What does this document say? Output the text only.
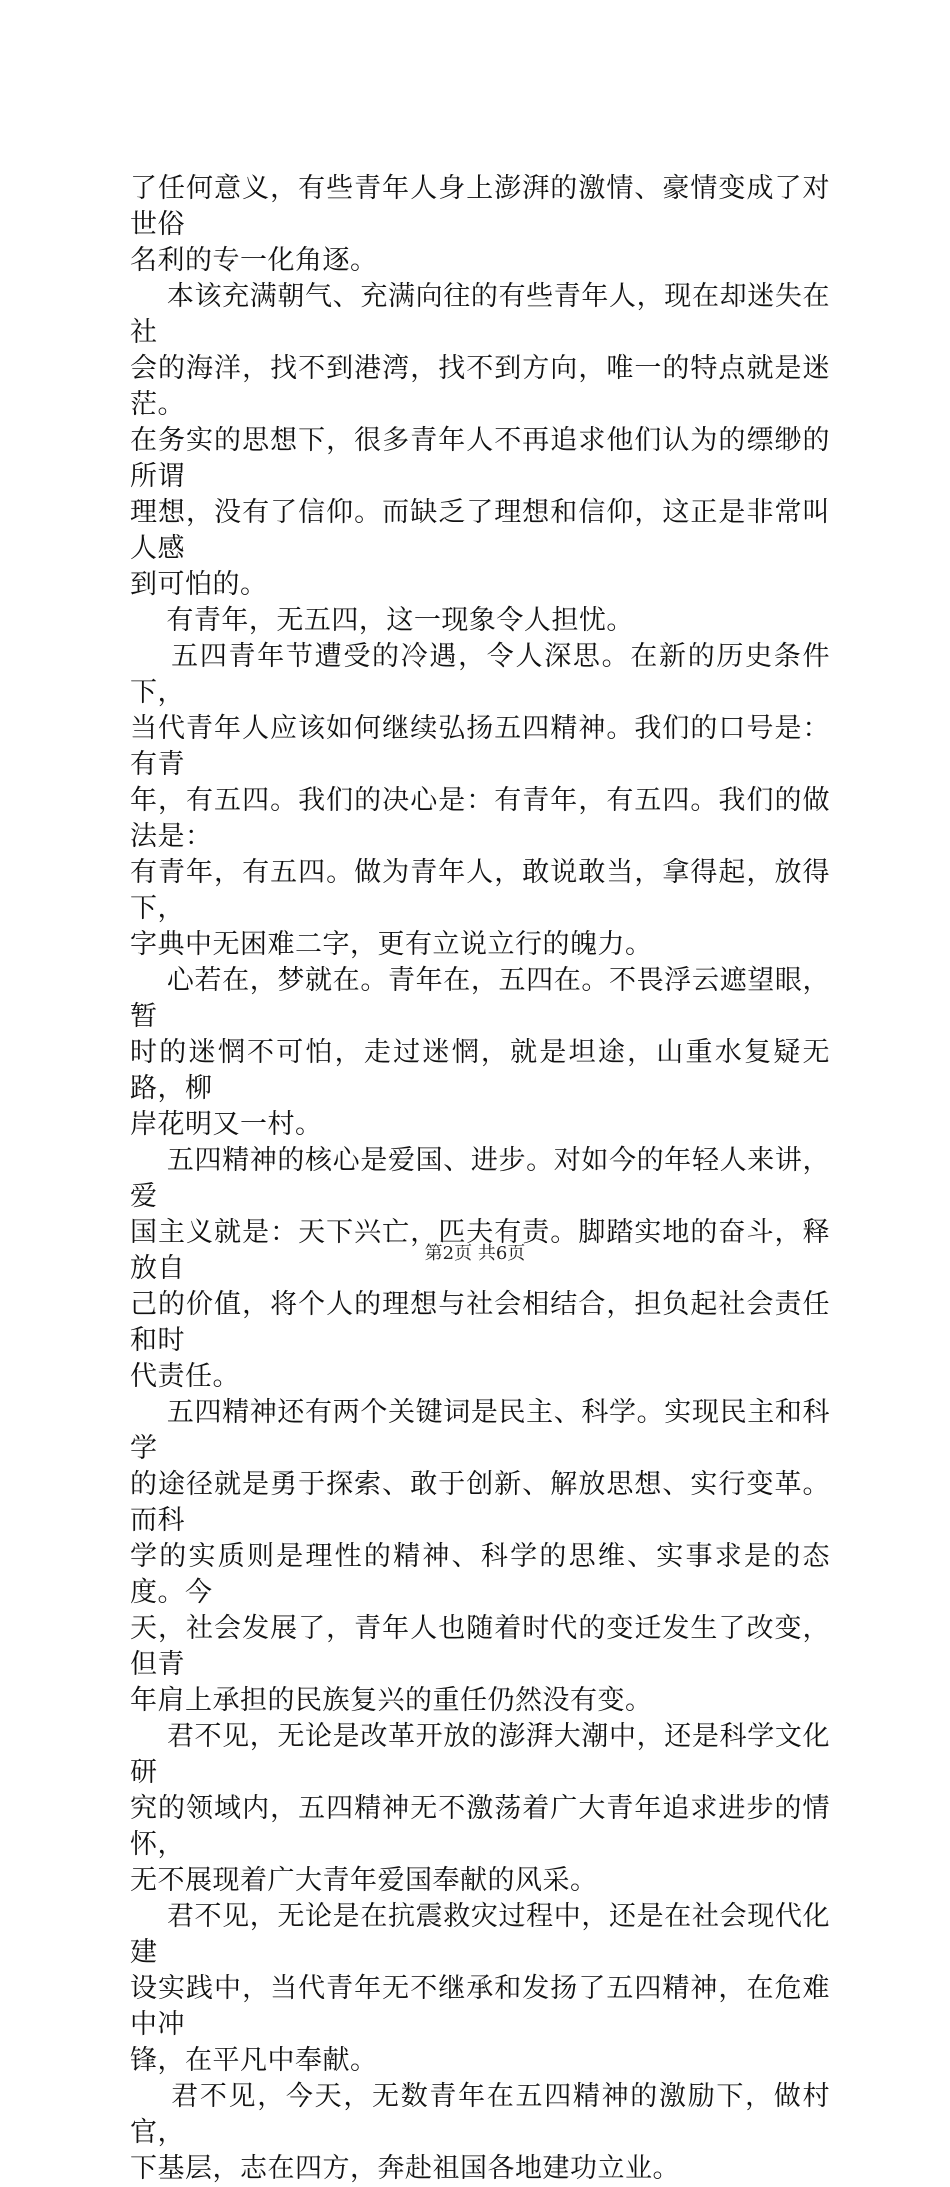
了任何意义，有些青年人身上澎湃的激情、豪情变成了对世俗
名利的专一化角逐。

本该充满朝气、充满向往的有些青年人，现在却迷失在社
会的海洋，找不到港湾，找不到方向，唯一的特点就是迷茫。
在务实的思想下，很多青年人不再追求他们认为的缥缈的所谓
理想，没有了信仰。而缺乏了理想和信仰，这正是非常叫人感
到可怕的。

有青年，无五四，这一现象令人担忧。

五四青年节遭受的冷遇，令人深思。在新的历史条件下，
当代青年人应该如何继续弘扬五四精神。我们的口号是：有青
年，有五四。我们的决心是：有青年，有五四。我们的做法是：
有青年，有五四。做为青年人，敢说敢当，拿得起，放得下，
字典中无困难二字，更有立说立行的魄力。

心若在，梦就在。青年在，五四在。不畏浮云遮望眼，暂
时的迷惘不可怕，走过迷惘，就是坦途，山重水复疑无路，柳
岸花明又一村。

五四精神的核心是爱国、进步。对如今的年轻人来讲，爱
国主义就是：天下兴亡，匹夫有责。脚踏实地的奋斗，释放自
己的价值，将个人的理想与社会相结合，担负起社会责任和时
代责任。

五四精神还有两个关键词是民主、科学。实现民主和科学
的途径就是勇于探索、敢于创新、解放思想、实行变革。而科
学的实质则是理性的精神、科学的思维、实事求是的态度。今
天，社会发展了，青年人也随着时代的变迁发生了改变，但青
年肩上承担的民族复兴的重任仍然没有变。

君不见，无论是改革开放的澎湃大潮中，还是科学文化研
究的领域内，五四精神无不激荡着广大青年追求进步的情怀，
无不展现着广大青年爱国奉献的风采。

君不见，无论是在抗震救灾过程中，还是在社会现代化建
设实践中，当代青年无不继承和发扬了五四精神，在危难中冲
锋，在平凡中奉献。

君不见，今天，无数青年在五四精神的激励下，做村官，
下基层，志在四方，奔赴祖国各地建功立业。

第2页 共6页
